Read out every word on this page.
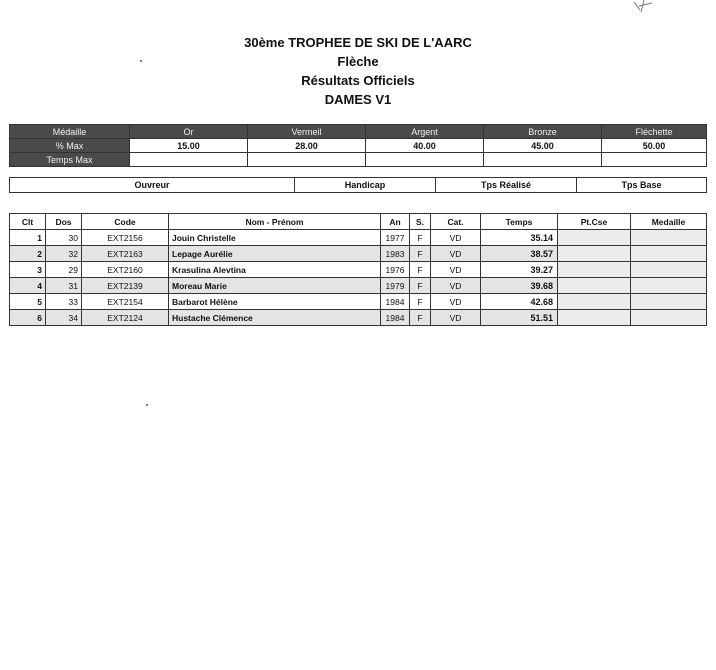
30ème TROPHEE DE SKI DE L'AARC
Flèche
Résultats Officiels
DAMES V1
Médaille	Or	Vermeil	Argent	Bronze	Fléchette
% Max	15.00	28.00	40.00	45.00	50.00
Temps Max					
Ouvreur	Handicap	Tps Réalisé	Tps Base
Clt	Dos	Code	Nom - Prénom	An	S.	Cat.	Temps	Pt.Cse	Medaille
1	30	EXT2156	Jouin Christelle	1977	F	VD	35.14		
2	32	EXT2163	Lepage Aurélie	1983	F	VD	38.57		
3	29	EXT2160	Krasulina Alevtina	1976	F	VD	39.27		
4	31	EXT2139	Moreau Marie	1979	F	VD	39.68		
5	33	EXT2154	Barbarot Hélène	1984	F	VD	42.68		
6	34	EXT2124	Hustache Clémence	1984	F	VD	51.51		
